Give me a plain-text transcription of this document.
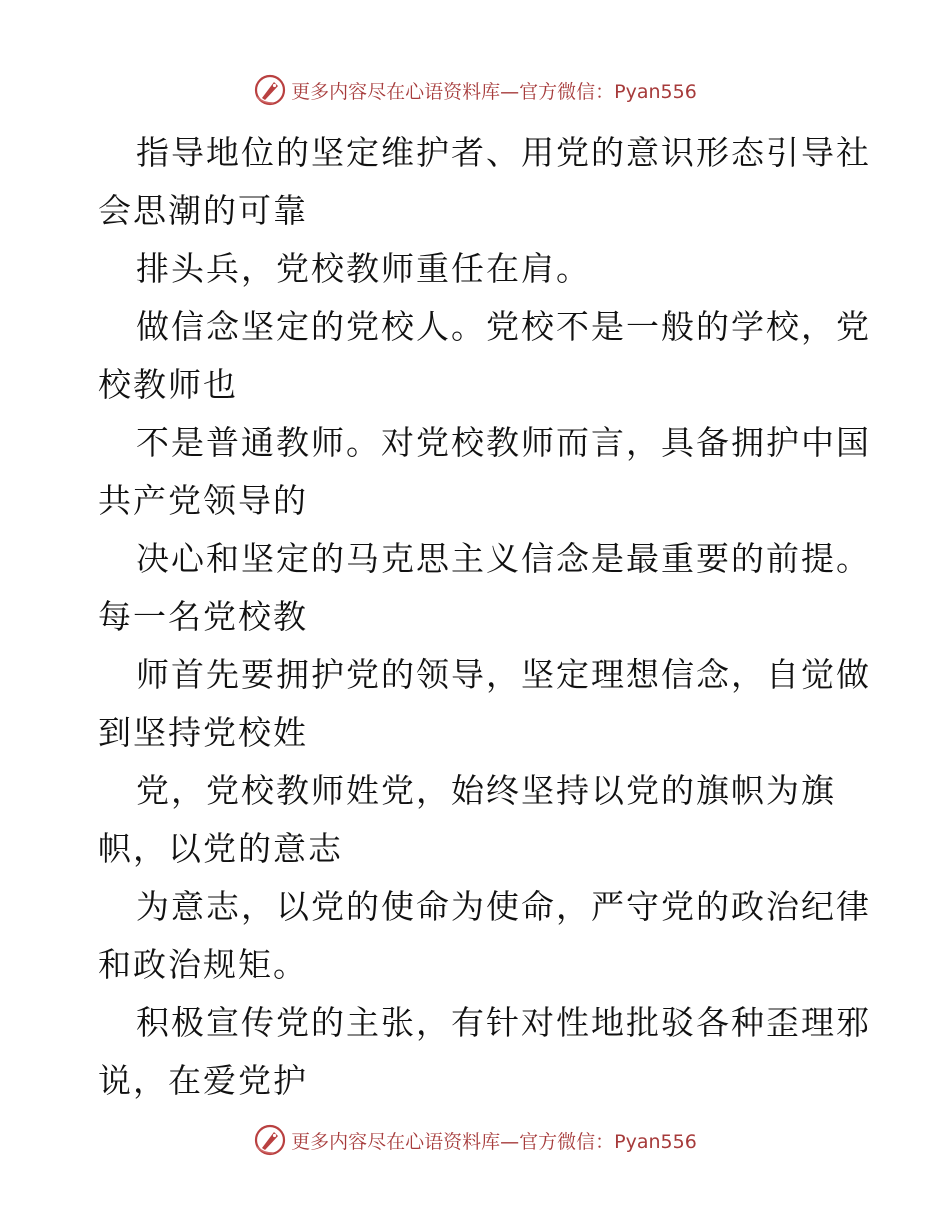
更多内容尽在心语资料库—官方微信：Pyan556
指导地位的坚定维护者、用党的意识形态引导社
会思潮的可靠
排头兵，党校教师重任在肩。
做信念坚定的党校人。党校不是一般的学校，党
校教师也
不是普通教师。对党校教师而言，具备拥护中国
共产党领导的
决心和坚定的马克思主义信念是最重要的前提。
每一名党校教
师首先要拥护党的领导，坚定理想信念，自觉做
到坚持党校姓
党，党校教师姓党，始终坚持以党的旗帜为旗
帜，以党的意志
为意志，以党的使命为使命，严守党的政治纪律
和政治规矩。
积极宣传党的主张，有针对性地批驳各种歪理邪
说，在爱党护
更多内容尽在心语资料库—官方微信：Pyan556
